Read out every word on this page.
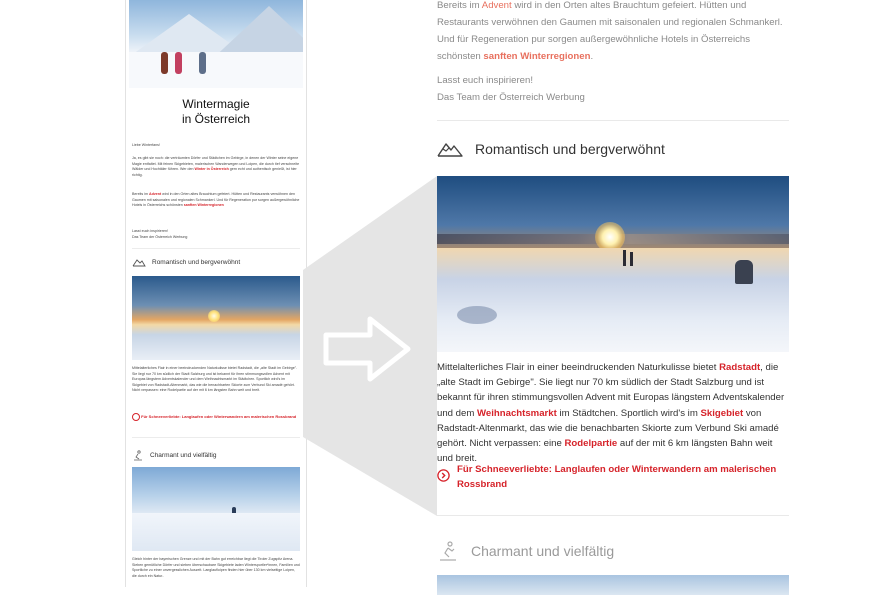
Wintermagie
in Österreich
Liebe Winterfans!
Ja, es gibt sie noch: die verträumten Dörfer und Städtchen im Gebirge, in denen der Winter seine eigene Magie entfaltet. Mit feinen Skigebieten, malerischen Wanderwegen und Loipen, die durch tief verschneite Wälder und Hochtäler führen. Wer den Winter in Österreich gern echt und authentisch genießt, ist hier richtig.
Bereits im Advent wird in den Orten altes Brauchtum gefeiert. Hütten und Restaurants verwöhnen den Gaumen mit saisonalen und regionalen Schmankerl. Und für Regeneration pur sorgen außergewöhnliche Hotels in Österreichs schönsten sanften Winterregionen
Lasst euch inspirieren!
Das Team der Österreich Werbung
Romantisch und bergverwöhnt
Mittelalterliches Flair in einer beeindruckenden Naturkulisse bietet Radstadt, die „alte Stadt im Gebirge". Sie liegt nur 70 km südlich der Stadt Salzburg und ist bekannt für ihren stimmungsvollen Advent mit Europas längstem Adventskalender und dem Weihnachtsmarkt im Städtchen. Sportlich wird's im Skigebiet von Radstadt-Altenmarkt, das wie die benachbarten Skiorte zum Verbund Ski amadé gehört. Nicht verpassen: eine Rodelpartie auf der mit 6 km längsten Bahn weit und breit.
Für Schneeverliebte: Langlaufen oder Winterwandern am malerischen Rossbrand
Charmant und vielfältig
Gleich hinter der bayerischen Grenze und mit der Bahn gut erreichbar liegt die Tiroler Zugspitz Arena. Sieben gemütliche Dörfer und sieben überschaubare Skigebiete laden Wintersportler*innen, Familien und Sportliche zu einer unvergesslichen Auszeit. Langlaufloipen finden hier über 130 km vielseitige Loipen, die durch ein Natur-
Bereits im Advent wird in den Orten altes Brauchtum gefeiert. Hütten und Restaurants verwöhnen den Gaumen mit saisonalen und regionalen Schmankerl. Und für Regeneration pur sorgen außergewöhnliche Hotels in Österreichs schönsten sanften Winterregionen.
Lasst euch inspirieren!
Das Team der Österreich Werbung
Romantisch und bergverwöhnt
Mittelalterliches Flair in einer beeindruckenden Naturkulisse bietet Radstadt, die „alte Stadt im Gebirge". Sie liegt nur 70 km südlich der Stadt Salzburg und ist bekannt für ihren stimmungsvollen Advent mit Europas längstem Adventskalender und dem Weihnachtsmarkt im Städtchen. Sportlich wird's im Skigebiet von Radstadt-Altenmarkt, das wie die benachbarten Skiorte zum Verbund Ski amadé gehört. Nicht verpassen: eine Rodelpartie auf der mit 6 km längsten Bahn weit und breit.
Für Schneeverliebte: Langlaufen oder Winterwandern am malerischen Rossbrand
Charmant und vielfältig
